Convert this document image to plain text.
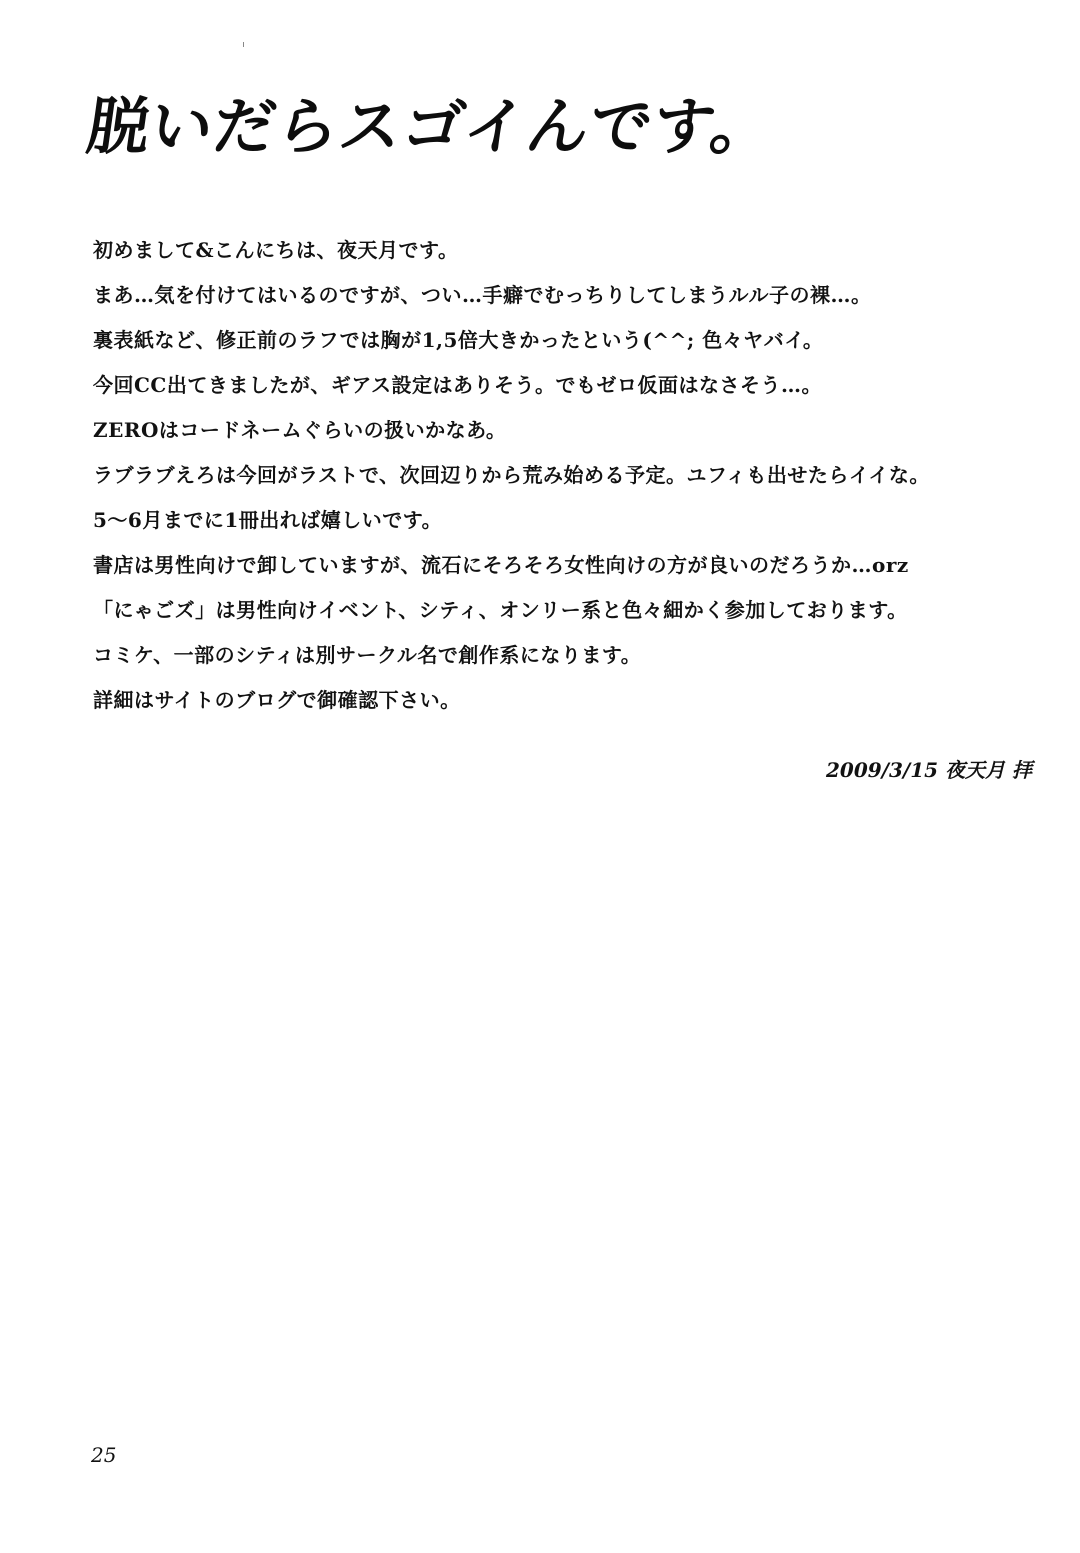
脱いだらスゴイんです。
初めまして&こんにちは、夜天月です。
まあ…気を付けてはいるのですが、つい…手癖でむっちりしてしまうルル子の裸…。
裏表紙など、修正前のラフでは胸が1,5倍大きかったという(^^; 色々ヤバイ。
今回CC出てきましたが、ギアス設定はありそう。でもゼロ仮面はなさそう…。
ZEROはコードネームぐらいの扱いかなあ。
ラブラブえろは今回がラストで、次回辺りから荒み始める予定。ユフィも出せたらイイな。
5～6月までに1冊出れば嬉しいです。
書店は男性向けで卸していますが、流石にそろそろ女性向けの方が良いのだろうか…orz
「にゃごズ」は男性向けイベント、シティ、オンリー系と色々細かく参加しております。
コミケ、一部のシティは別サークル名で創作系になります。
詳細はサイトのブログで御確認下さい。
2009/3/15 夜天月 拝
25
